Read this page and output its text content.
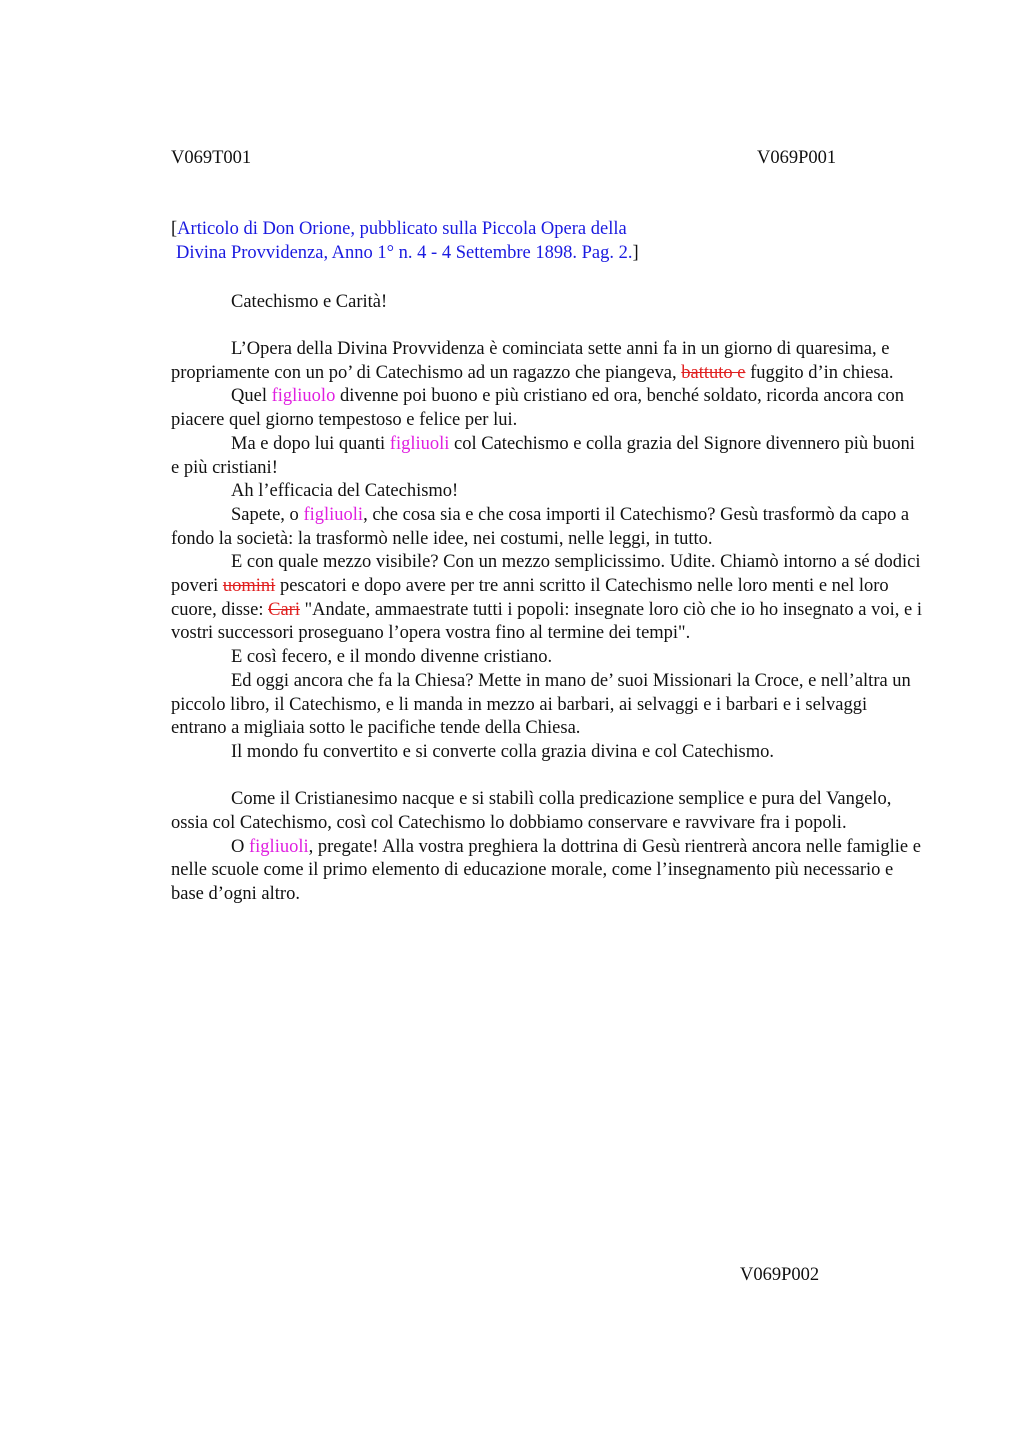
V069T001	V069P001
[Articolo di Don Orione, pubblicato sulla Piccola Opera della
Divina Provvidenza, Anno 1° n. 4 - 4 Settembre 1898. Pag. 2.]
Catechismo e Carità!

L’Opera della Divina Provvidenza è cominciata sette anni fa in un giorno di quaresima, e propriamente con un po’ di Catechismo ad un ragazzo che piangeva, battuto e fuggito d’in chiesa.

Quel figliuolo divenne poi buono e più cristiano ed ora, benché soldato, ricorda ancora con piacere quel giorno tempestoso e felice per lui.

Ma e dopo lui quanti figliuoli col Catechismo e colla grazia del Signore divennero più buoni e più cristiani!

Ah l’efficacia del Catechismo!

Sapete, o figliuoli, che cosa sia e che cosa importi il Catechismo? Gesù trasformò da capo a fondo la società: la trasformò nelle idee, nei costumi, nelle leggi, in tutto.

E con quale mezzo visibile? Con un mezzo semplicissimo. Udite. Chiamò intorno a sé dodici poveri uomini pescatori e dopo avere per tre anni scritto il Catechismo nelle loro menti e nel loro cuore, disse: Cari "Andate, ammaestrate tutti i popoli: insegnate loro ciò che io ho insegnato a voi, e i vostri successori proseguano l’opera vostra fino al termine dei tempi".

E così fecero, e il mondo divenne cristiano.

Ed oggi ancora che fa la Chiesa? Mette in mano de’ suoi Missionari la Croce, e nell’altra un piccolo libro, il Catechismo, e li manda in mezzo ai barbari, ai selvaggi e i barbari e i selvaggi entrano a migliaia sotto le pacifiche tende della Chiesa.

Il mondo fu convertito e si converte colla grazia divina e col Catechismo.

Come il Cristianesimo nacque e si stabilì colla predicazione semplice e pura del Vangelo, ossia col Catechismo, così col Catechismo lo dobbiamo conservare e ravvivare fra i popoli.

O figliuoli, pregate! Alla vostra preghiera la dottrina di Gesù rientrerà ancora nelle famiglie e nelle scuole come il primo elemento di educazione morale, come l’insegnamento più necessario e base d’ogni altro.

V069P002
